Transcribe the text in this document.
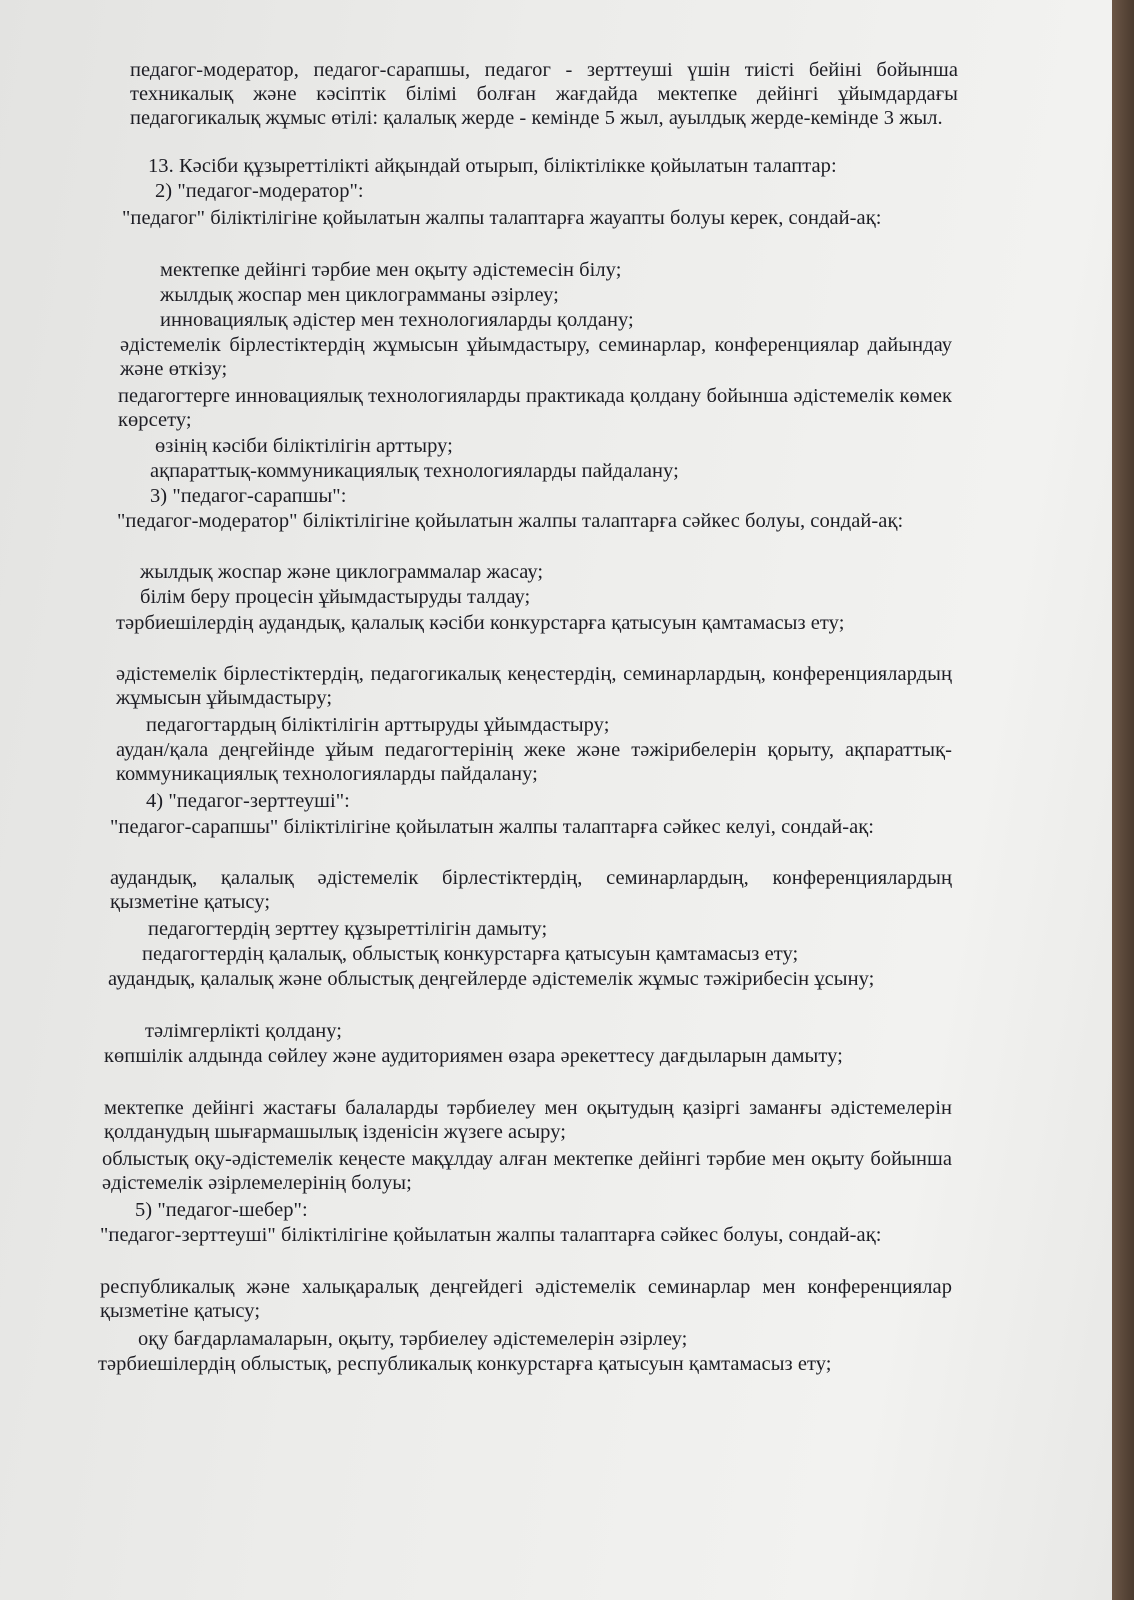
педагог-модератор, педагог-сарапшы, педагог - зерттеуші үшін тиісті бейіні бойынша техникалық және кәсіптік білімі болған жағдайда мектепке дейінгі ұйымдардағы педагогикалық жұмыс өтілі: қалалық жерде - кемінде 5 жыл, ауылдық жерде-кемінде 3 жыл.
13. Кәсіби құзыреттілікті айқындай отырып, біліктілікке қойылатын талаптар:
2) "педагог-модератор":
"педагог" біліктілігіне қойылатын жалпы талаптарға жауапты болуы керек, сондай-ақ:
мектепке дейінгі тәрбие мен оқыту әдістемесін білу;
жылдық жоспар мен циклограмманы әзірлеу;
инновациялық әдістер мен технологияларды қолдану;
әдістемелік бірлестіктердің жұмысын ұйымдастыру, семинарлар, конференциялар дайындау және өткізу;
педагогтерге инновациялық технологияларды практикада қолдану бойынша әдістемелік көмек көрсету;
өзінің кәсіби біліктілігін арттыру;
ақпараттық-коммуникациялық технологияларды пайдалану;
3) "педагог-сарапшы":
"педагог-модератор" біліктілігіне қойылатын жалпы талаптарға сәйкес болуы, сондай-ақ:
жылдық жоспар және циклограммалар жасау;
білім беру процесін ұйымдастыруды талдау;
тәрбиешілердің аудандық, қалалық кәсіби конкурстарға қатысуын қамтамасыз ету;
әдістемелік бірлестіктердің, педагогикалық кеңестердің, семинарлардың, конференциялардың жұмысын ұйымдастыру;
педагогтардың біліктілігін арттыруды ұйымдастыру;
аудан/қала деңгейінде ұйым педагогтерінің жеке және тәжірибелерін қорыту, ақпараттық-коммуникациялық технологияларды пайдалану;
4) "педагог-зерттеуші":
"педагог-сарапшы" біліктілігіне қойылатын жалпы талаптарға сәйкес келуі, сондай-ақ:
аудандық, қалалық әдістемелік бірлестіктердің, семинарлардың, конференциялардың қызметіне қатысу;
педагогтердің зерттеу құзыреттілігін дамыту;
педагогтердің қалалық, облыстық конкурстарға қатысуын қамтамасыз ету;
аудандық, қалалық және облыстық деңгейлерде әдістемелік жұмыс тәжірибесін ұсыну;
тәлімгерлікті қолдану;
көпшілік алдында сөйлеу және аудиториямен өзара әрекеттесу дағдыларын дамыту;
мектепке дейінгі жастағы балаларды тәрбиелеу мен оқытудың қазіргі заманғы әдістемелерін қолданудың шығармашылық ізденісін жүзеге асыру;
облыстық оқу-әдістемелік кеңесте мақұлдау алған мектепке дейінгі тәрбие мен оқыту бойынша әдістемелік әзірлемелерінің болуы;
5) "педагог-шебер":
"педагог-зерттеуші" біліктілігіне қойылатын жалпы талаптарға сәйкес болуы, сондай-ақ:
республикалық және халықаралық деңгейдегі әдістемелік семинарлар мен конференциялар қызметіне қатысу;
оқу бағдарламаларын, оқыту, тәрбиелеу әдістемелерін әзірлеу;
тәрбиешілердің облыстық, республикалық конкурстарға қатысуын қамтамасыз ету;
